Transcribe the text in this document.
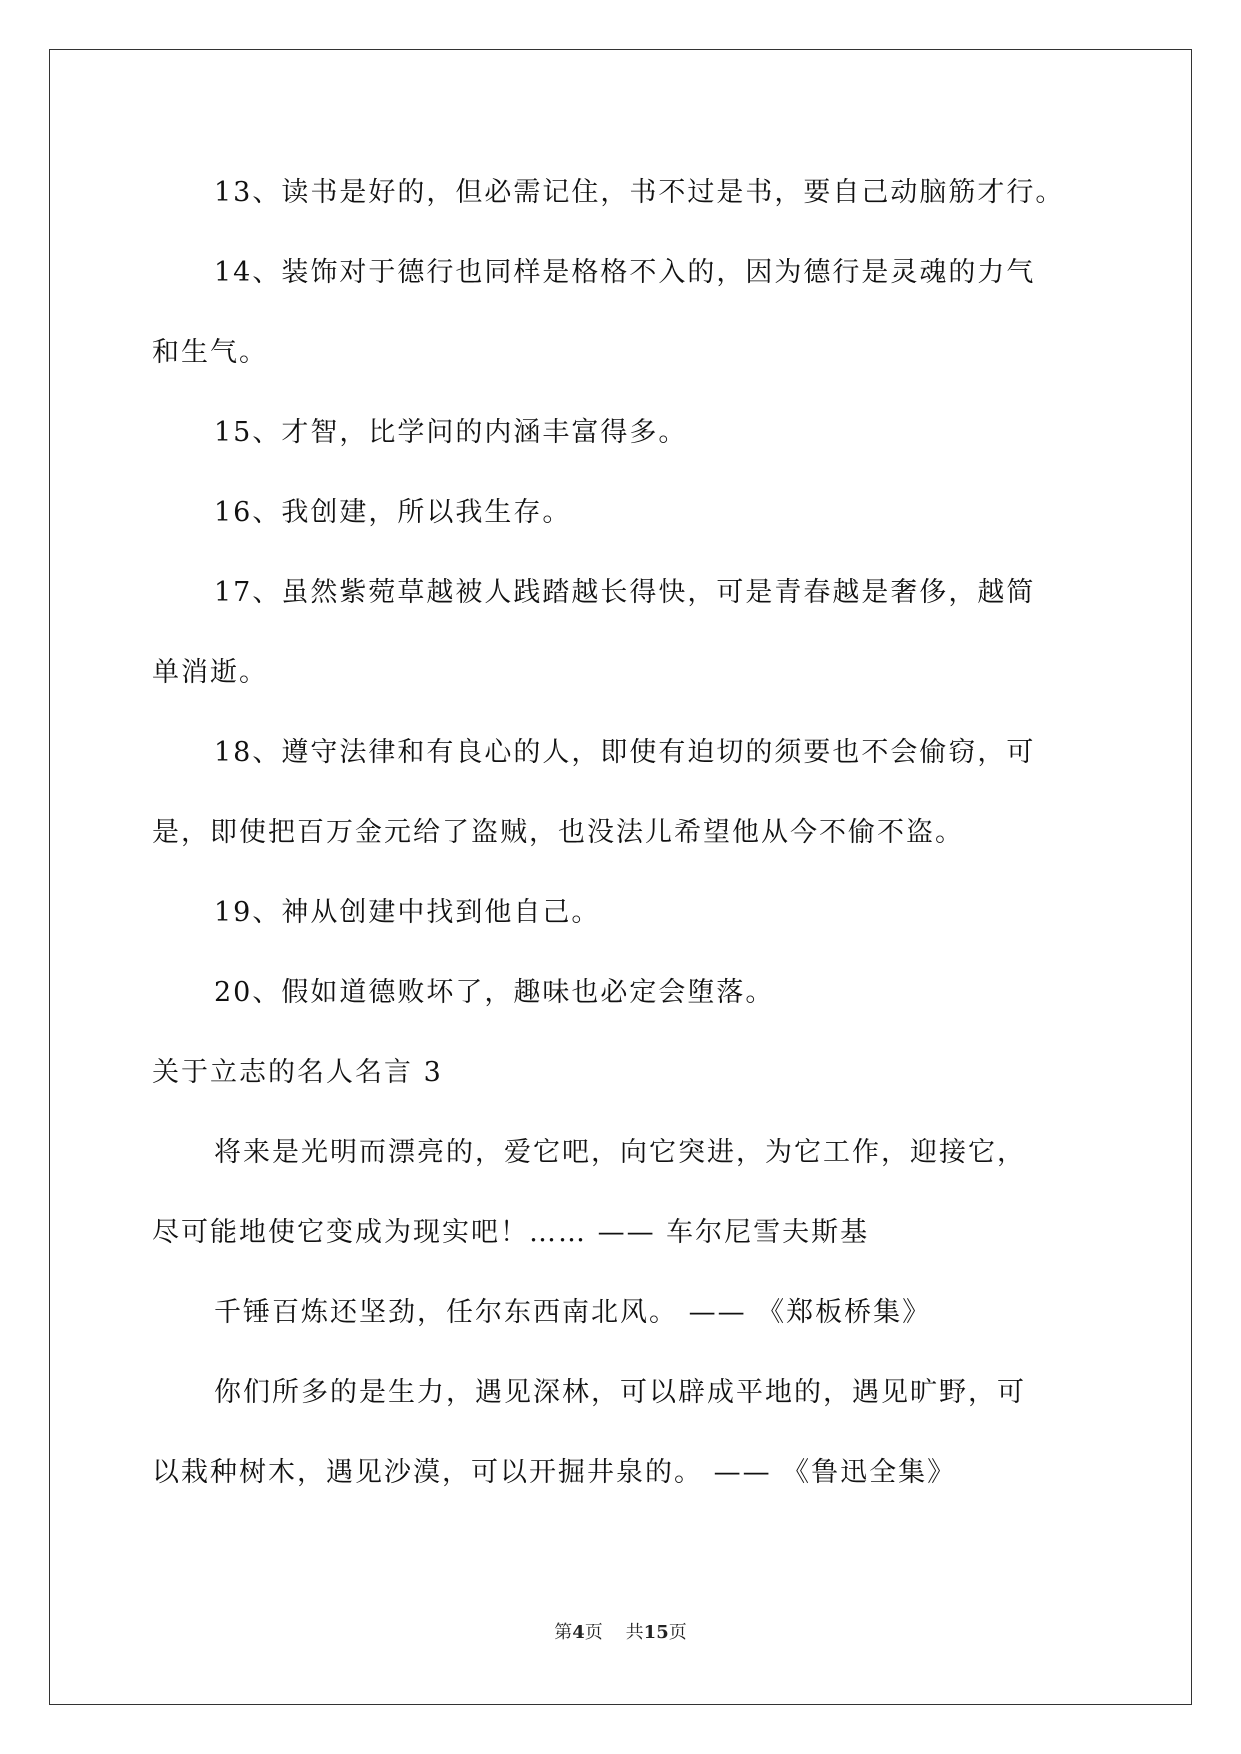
13、读书是好的，但必需记住，书不过是书，要自己动脑筋才行。
14、装饰对于德行也同样是格格不入的，因为德行是灵魂的力气
和生气。
15、才智，比学问的内涵丰富得多。
16、我创建，所以我生存。
17、虽然紫菀草越被人践踏越长得快，可是青春越是奢侈，越简
单消逝。
18、遵守法律和有良心的人，即使有迫切的须要也不会偷窃，可
是，即使把百万金元给了盗贼，也没法儿希望他从今不偷不盗。
19、神从创建中找到他自己。
20、假如道德败坏了，趣味也必定会堕落。
关于立志的名人名言 3
将来是光明而漂亮的，爱它吧，向它突进，为它工作，迎接它，
尽可能地使它变成为现实吧！…… —— 车尔尼雪夫斯基
千锤百炼还坚劲，任尔东西南北风。 —— 《郑板桥集》
你们所多的是生力，遇见深林，可以辟成平地的，遇见旷野，可
以栽种树木，遇见沙漠，可以开掘井泉的。 —— 《鲁迅全集》
第4页 共15页
